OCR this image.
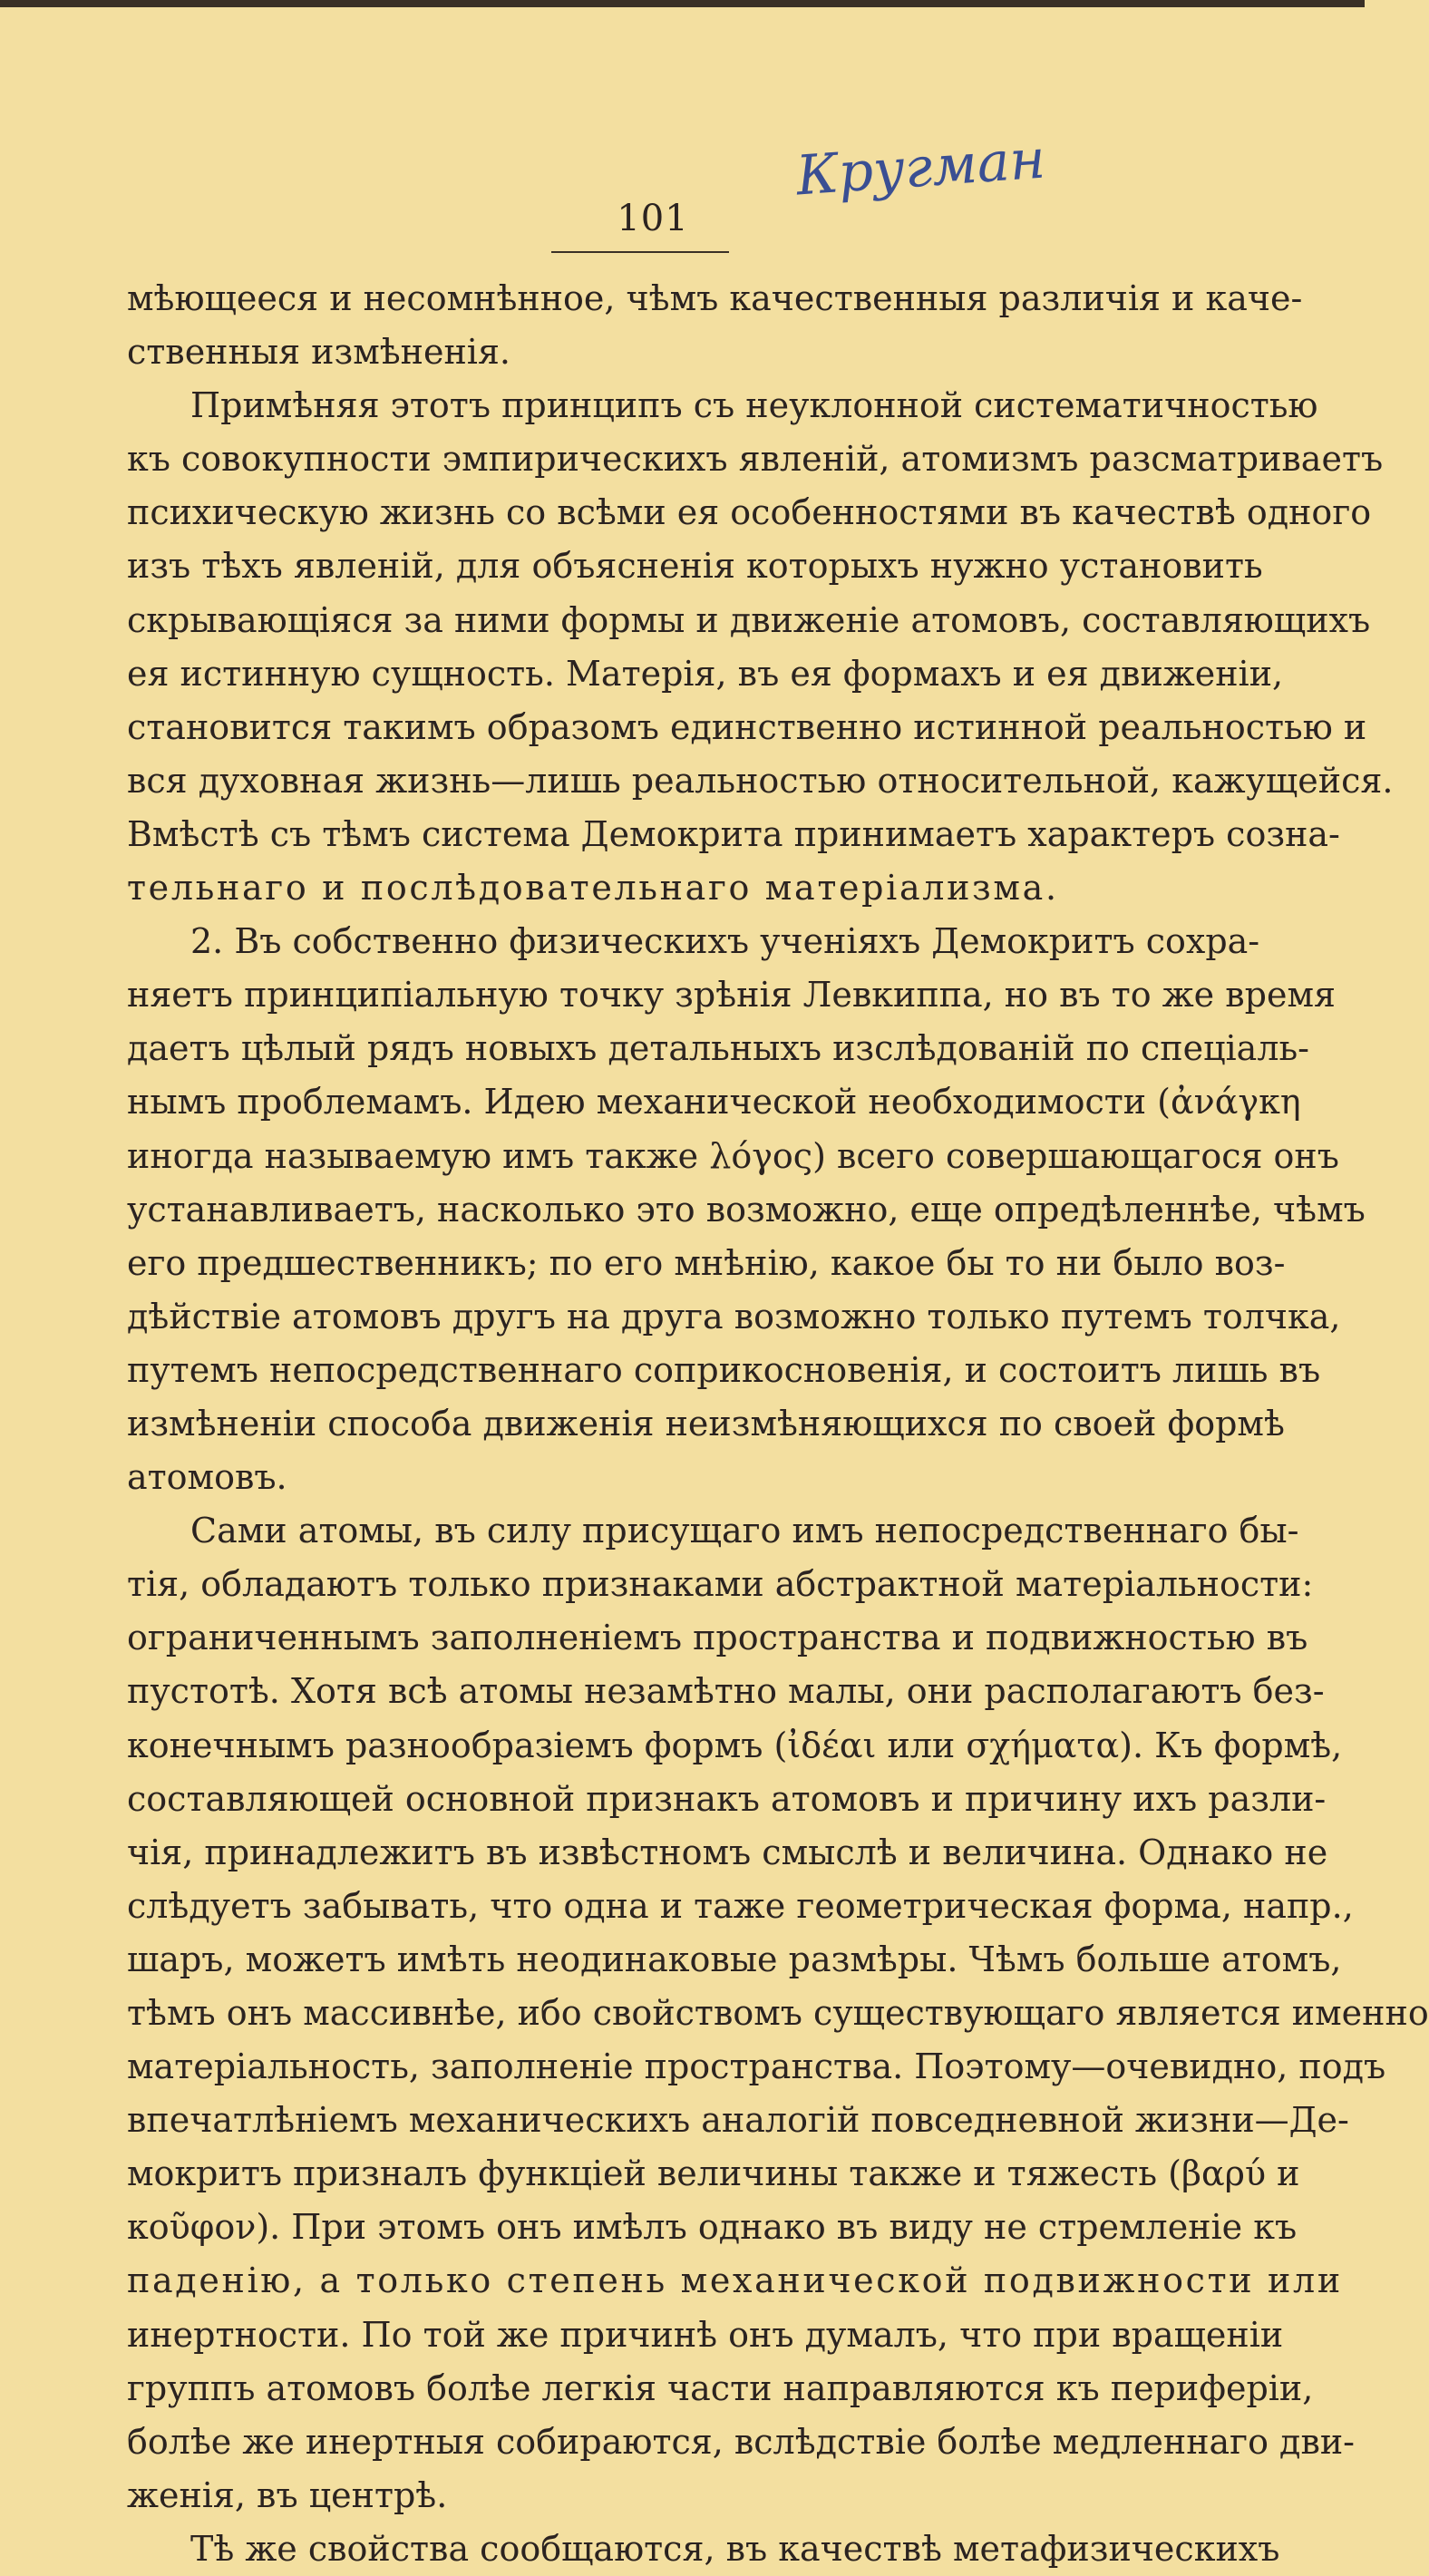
101
Кругман
мѣющееся и несомнѣнное, чѣмъ качественныя различія и каче-
ственныя измѣненія.
Примѣняя этотъ принципъ съ неуклонной систематичностью
къ совокупности эмпирическихъ явленій, атомизмъ разсматриваетъ
психическую жизнь со всѣми ея особенностями въ качествѣ одного
изъ тѣхъ явленій, для объясненія которыхъ нужно установить
скрывающіяся за ними формы и движеніе атомовъ, составляющихъ
ея истинную сущность. Матерія, въ ея формахъ и ея движеніи,
становится такимъ образомъ единственно истинной реальностью и
вся духовная жизнь—лишь реальностью относительной, кажущейся.
Вмѣстѣ съ тѣмъ система Демокрита принимаетъ характеръ созна-
тельнаго и послѣдовательнаго матеріализма.
2. Въ собственно физическихъ ученіяхъ Демокритъ сохра-
няетъ принципіальную точку зрѣнія Левкиппа, но въ то же время
даетъ цѣлый рядъ новыхъ детальныхъ изслѣдованій по спеціаль-
нымъ проблемамъ. Идею механической необходимости (ἀνάγκη
иногда называемую имъ также λόγος) всего совершающагося онъ
устанавливаетъ, насколько это возможно, еще опредѣленнѣе, чѣмъ
его предшественникъ; по его мнѣнію, какое бы то ни было воз-
дѣйствіе атомовъ другъ на друга возможно только путемъ толчка,
путемъ непосредственнаго соприкосновенія, и состоитъ лишь въ
измѣненіи способа движенія неизмѣняющихся по своей формѣ
атомовъ.
Сами атомы, въ силу присущаго имъ непосредственнаго бы-
тія, обладаютъ только признаками абстрактной матеріальности:
ограниченнымъ заполненіемъ пространства и подвижностью въ
пустотѣ. Хотя всѣ атомы незамѣтно малы, они располагаютъ без-
конечнымъ разнообразіемъ формъ (ἰδέαι или σχήματα). Къ формѣ,
составляющей основной признакъ атомовъ и причину ихъ разли-
чія, принадлежитъ въ извѣстномъ смыслѣ и величина. Однако не
слѣдуетъ забывать, что одна и таже геометрическая форма, напр.,
шаръ, можетъ имѣть неодинаковые размѣры. Чѣмъ больше атомъ,
тѣмъ онъ массивнѣе, ибо свойствомъ существующаго является именно
матеріальность, заполненіе пространства. Поэтому—очевидно, подъ
впечатлѣніемъ механическихъ аналогій повседневной жизни—Де-
мокритъ призналъ функціей величины также и тяжесть (βαρύ и
κοῦφον). При этомъ онъ имѣлъ однако въ виду не стремленіе къ
паденію, а только степень механической подвижности или
инертности. По той же причинѣ онъ думалъ, что при вращеніи
группъ атомовъ болѣе легкія части направляются къ периферіи,
болѣе же инертныя собираются, вслѣдствіе болѣе медленнаго дви-
женія, въ центрѣ.
Тѣ же свойства сообщаются, въ качествѣ метафизическихъ
